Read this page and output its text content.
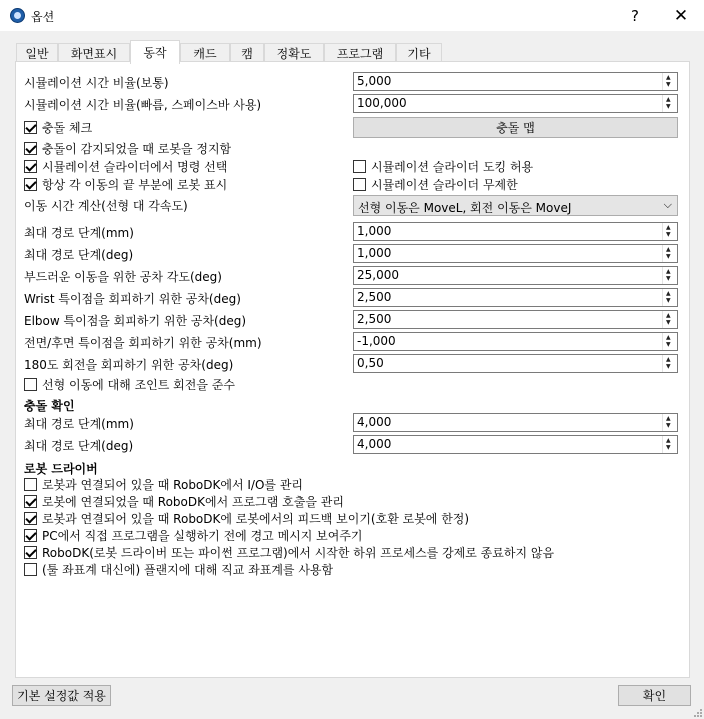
옵션	?	✕
일반	화면표시	동작	캐드	캠	정확도	프로그램	기타
시뮬레이션 시간 비율(보통)	5,000	▲
▼
시뮬레이션 시간 비율(빠름, 스페이스바 사용)	100,000	▲
▼
충돌 체크	충돌 맵
충돌이 감지되었을 때 로봇을 정지함
시뮬레이션 슬라이더에서 명령 선택	시뮬레이션 슬라이더 도킹 허용
항상 각 이동의 끝 부분에 로봇 표시	시뮬레이션 슬라이더 무제한
이동 시간 계산(선형 대 각속도)	선형 이동은 MoveL, 회전 이동은 MoveJ	⌵
최대 경로 단계(mm)	1,000	▲
▼
최대 경로 단계(deg)	1,000	▲
▼
부드러운 이동을 위한 공차 각도(deg)	25,000	▲
▼
Wrist 특이점을 회피하기 위한 공차(deg)	2,500	▲
▼
Elbow 특이점을 회피하기 위한 공차(deg)	2,500	▲
▼
전면/후면 특이점을 회피하기 위한 공차(mm)	-1,000	▲
▼
180도 회전을 회피하기 위한 공차(deg)	0,50	▲
▼
선형 이동에 대해 조인트 회전을 준수
충돌 확인
최대 경로 단계(mm)	4,000	▲
▼
최대 경로 단계(deg)	4,000	▲
▼
로봇 드라이버
로봇과 연결되어 있을 때 RoboDK에서 I/O를 관리
로봇에 연결되었을 때 RoboDK에서 프로그램 호출을 관리
로봇과 연결되어 있을 때 RoboDK에 로봇에서의 피드백 보이기(호환 로봇에 한정)
PC에서 직접 프로그램을 실행하기 전에 경고 메시지 보여주기
RoboDK(로봇 드라이버 또는 파이썬 프로그램)에서 시작한 하위 프로세스를 강제로 종료하지 않음
(툴 좌표계 대신에) 플랜지에 대해 직교 좌표계를 사용함
기본 설정값 적용	확인
